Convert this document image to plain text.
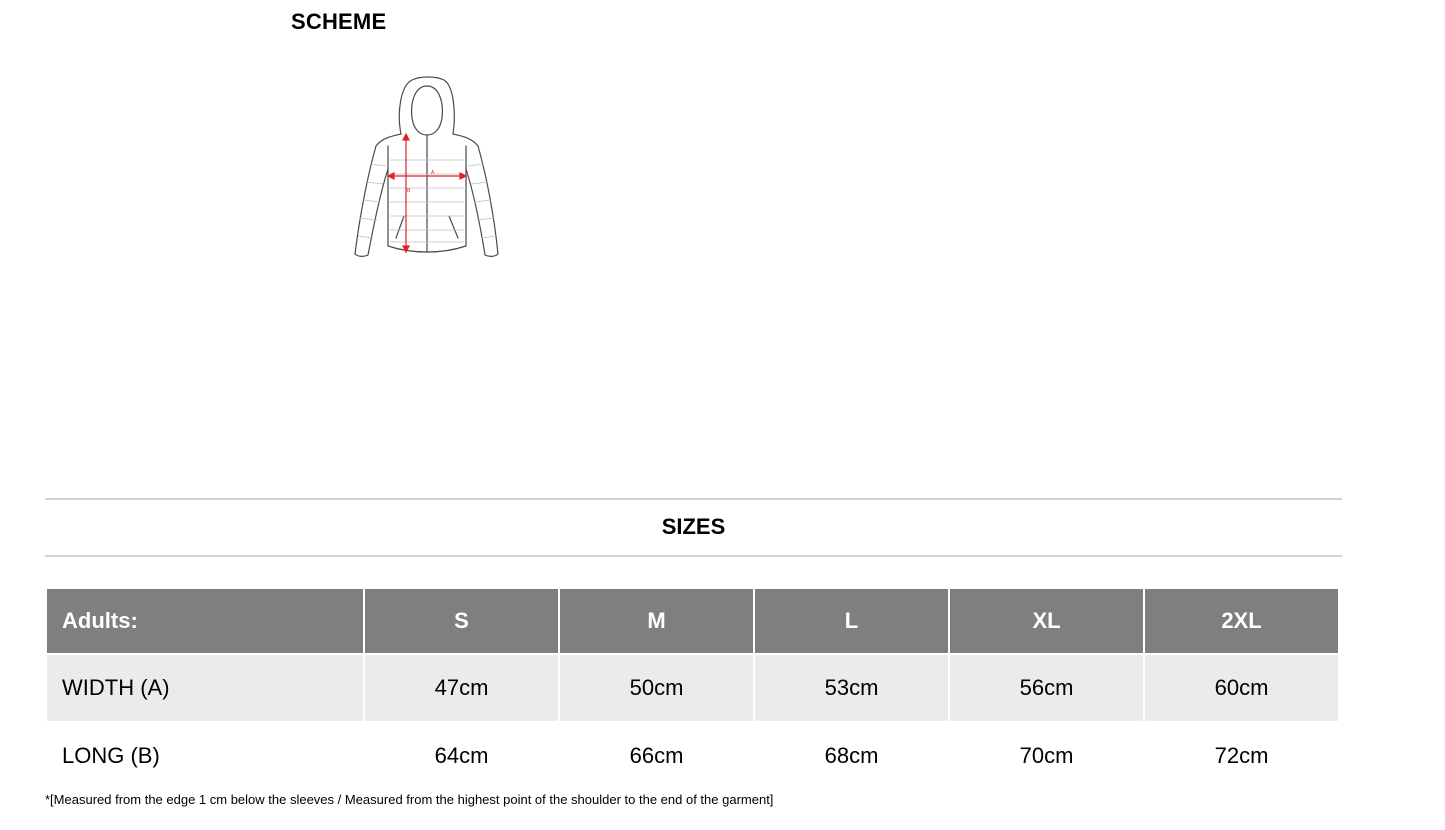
SCHEME
A
B
SIZES
Adults:	S	M	L	XL	2XL
WIDTH (A)	47cm	50cm	53cm	56cm	60cm
LONG (B)	64cm	66cm	68cm	70cm	72cm
*[Measured from the edge 1 cm below the sleeves / Measured from the highest point of the shoulder to the end of the garment]
